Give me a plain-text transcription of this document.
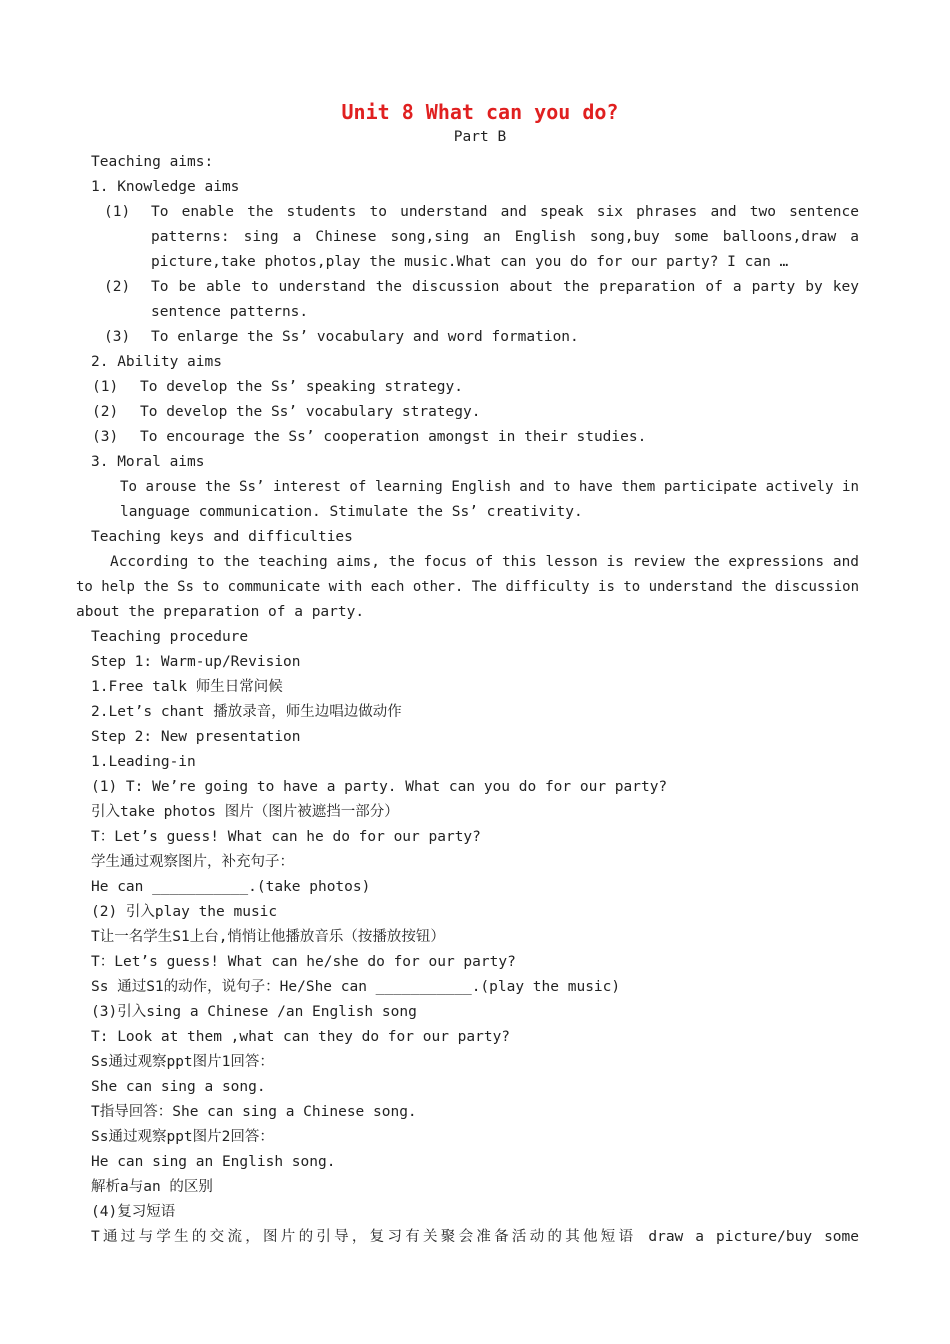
Unit 8 What can you do?
Part B
Teaching aims:
1. Knowledge aims
(1) To enable the students to understand and speak six phrases and two sentence
patterns: sing a Chinese song,sing an English song,buy some balloons,draw a
picture,take photos,play the music.What can you do for our party? I can …
(2) To be able to understand the discussion about the preparation of a party by key
sentence patterns.
(3) To enlarge the Ss’ vocabulary and word formation.
2. Ability aims
(1) To develop the Ss’ speaking strategy.
(2) To develop the Ss’ vocabulary strategy.
(3) To encourage the Ss’ cooperation amongst in their studies.
3. Moral aims
To arouse the Ss’ interest of learning English and to have them participate actively in
language communication. Stimulate the Ss’ creativity.
Teaching keys and difficulties
According to the teaching aims, the focus of this lesson is review the expressions and
to help the Ss to communicate with each other. The difficulty is to understand the discussion
about the preparation of a party.
Teaching procedure
Step 1: Warm-up/Revision
1.Free talk 师生日常问候
2.Let’s chant 播放录音，师生边唱边做动作
Step 2: New presentation
1.Leading-in
(1) T: We’re going to have a party. What can you do for our party?
引入take photos 图片（图片被遮挡一部分）
T：Let’s guess! What can he do for our party?
学生通过观察图片，补充句子：
He can ___________.(take photos)
(2) 引入play the music
T让一名学生S1上台,悄悄让他播放音乐（按播放按钮）
T：Let’s guess! What can he/she do for our party?
Ss 通过S1的动作，说句子：He/She can ___________.(play the music)
(3)引入sing a Chinese /an English song
T: Look at them ,what can they do for our party?
Ss通过观察ppt图片1回答：
She can sing a song.
T指导回答：She can sing a Chinese song.
Ss通过观察ppt图片2回答：
He can sing an English song.
解析a与an 的区别
(4)复习短语
T通过与学生的交流，图片的引导，复习有关聚会准备活动的其他短语 draw a picture/buy some
